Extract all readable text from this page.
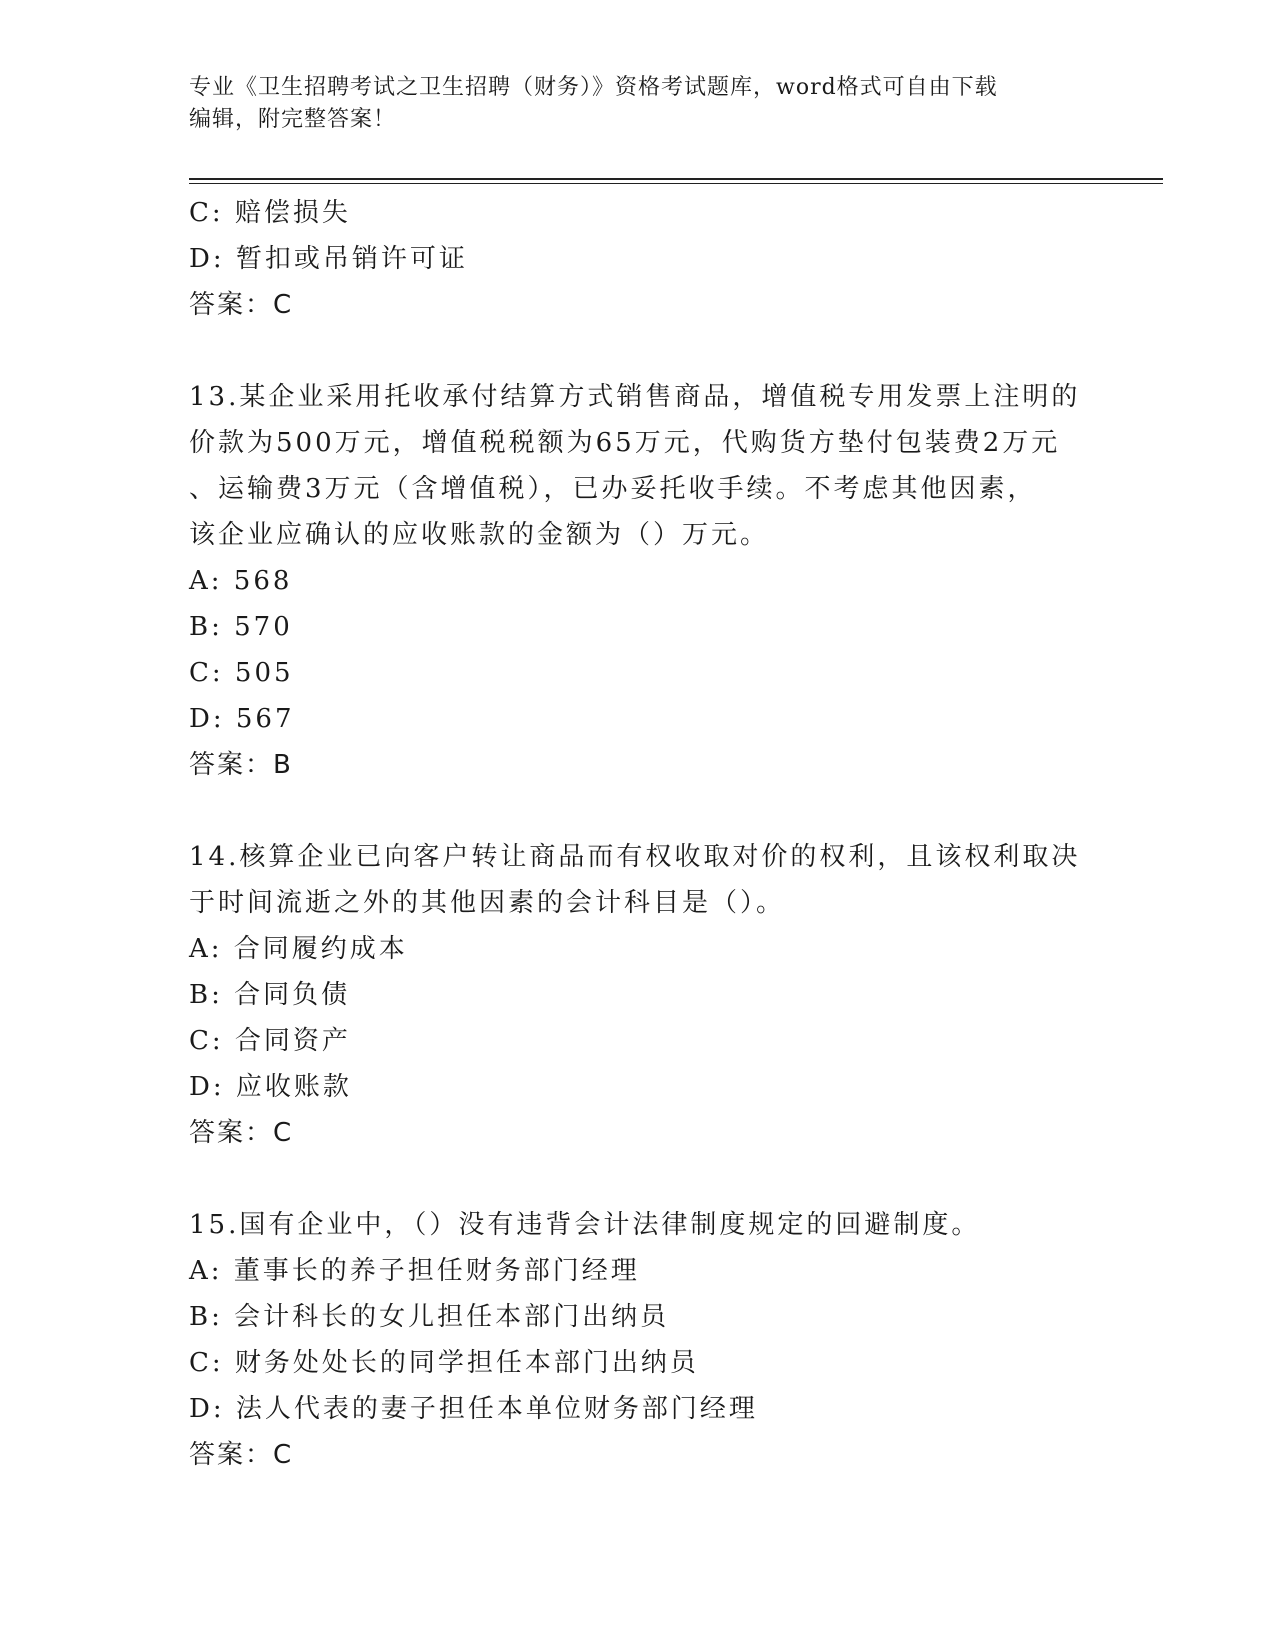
专业《卫生招聘考试之卫生招聘（财务）》资格考试题库，word格式可自由下载
编辑，附完整答案！
C: 赔偿损失
D: 暂扣或吊销许可证
答案：C
13.某企业采用托收承付结算方式销售商品，增值税专用发票上注明的
价款为500万元，增值税税额为65万元，代购货方垫付包装费2万元
、运输费3万元（含增值税），已办妥托收手续。不考虑其他因素，
该企业应确认的应收账款的金额为（）万元。
A: 568
B: 570
C: 505
D: 567
答案：B
14.核算企业已向客户转让商品而有权收取对价的权利，且该权利取决
于时间流逝之外的其他因素的会计科目是（）。
A: 合同履约成本
B: 合同负债
C: 合同资产
D: 应收账款
答案：C
15.国有企业中，（）没有违背会计法律制度规定的回避制度。
A: 董事长的养子担任财务部门经理
B: 会计科长的女儿担任本部门出纳员
C: 财务处处长的同学担任本部门出纳员
D: 法人代表的妻子担任本单位财务部门经理
答案：C
